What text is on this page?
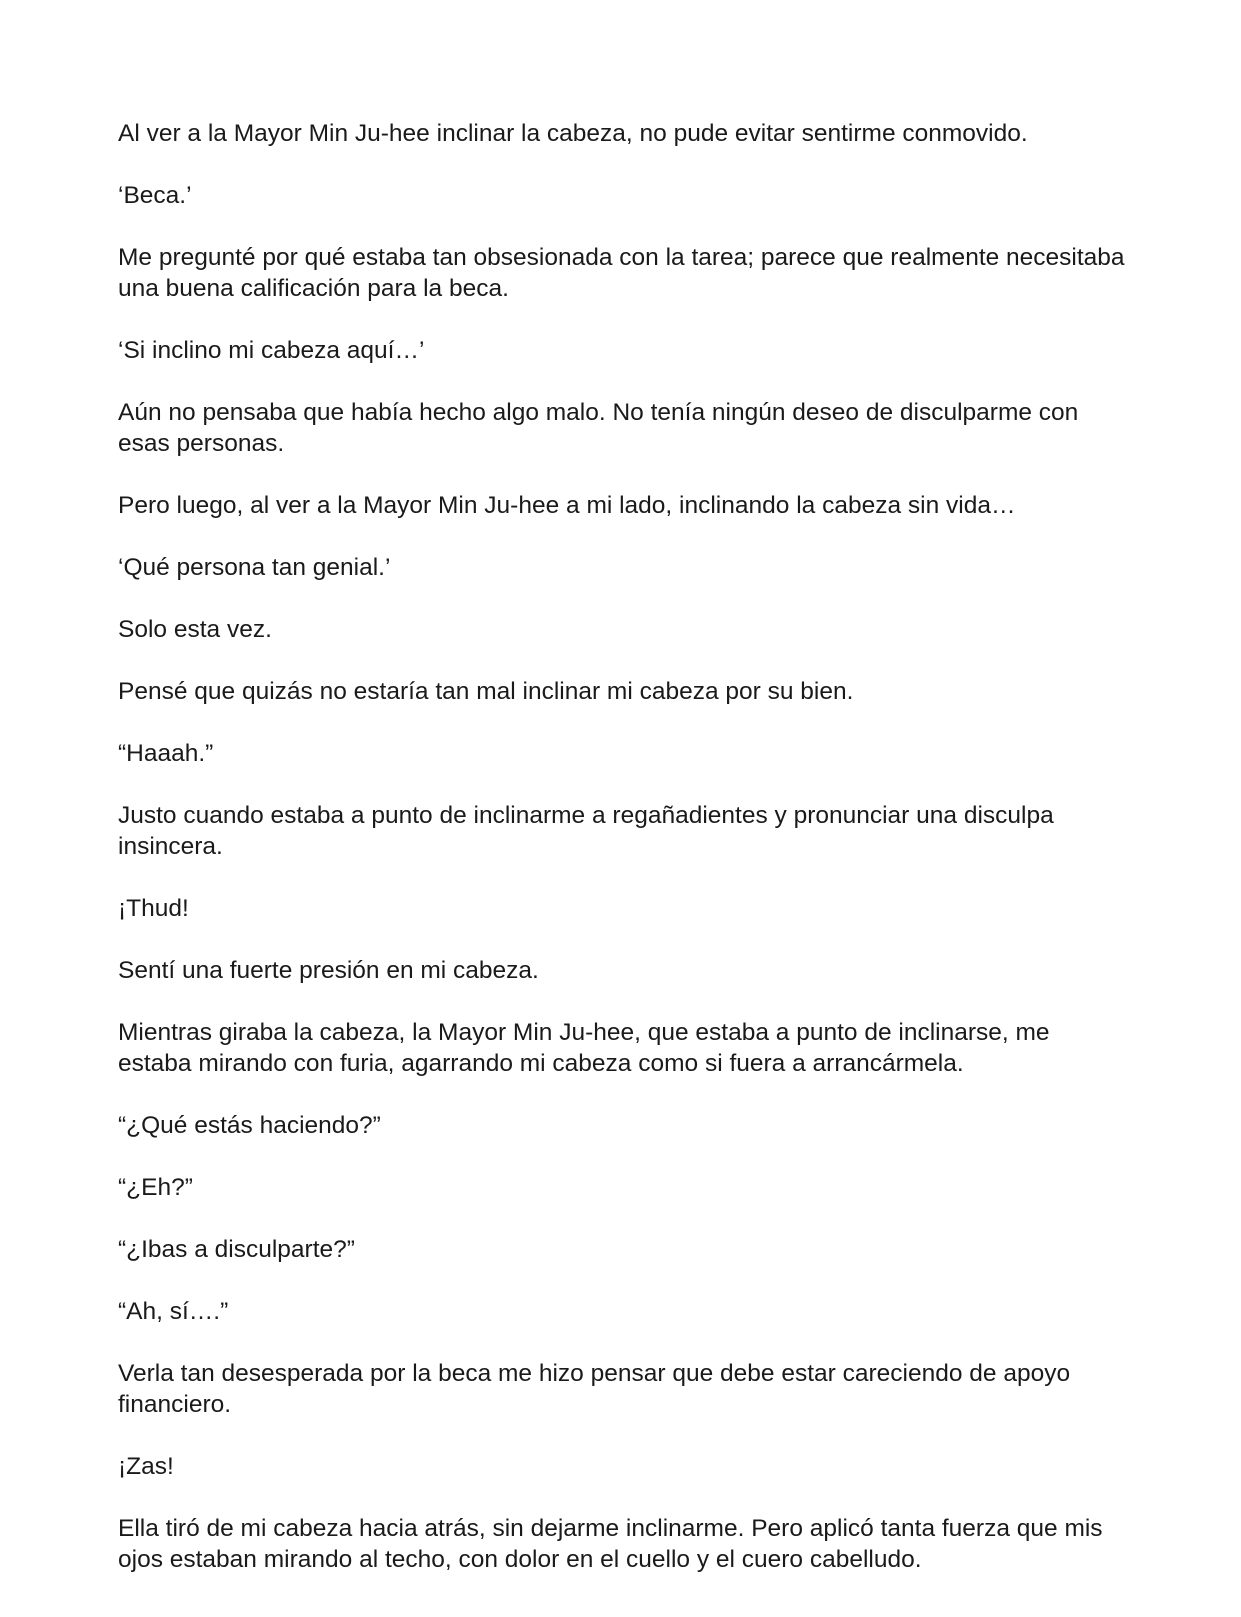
Al ver a la Mayor Min Ju-hee inclinar la cabeza, no pude evitar sentirme conmovido.

‘Beca.’

Me pregunté por qué estaba tan obsesionada con la tarea; parece que realmente necesitaba una buena calificación para la beca.

‘Si inclino mi cabeza aquí…’

Aún no pensaba que había hecho algo malo. No tenía ningún deseo de disculparme con esas personas.

Pero luego, al ver a la Mayor Min Ju-hee a mi lado, inclinando la cabeza sin vida…

‘Qué persona tan genial.’

Solo esta vez.

Pensé que quizás no estaría tan mal inclinar mi cabeza por su bien.

“Haaah.”

Justo cuando estaba a punto de inclinarme a regañadientes y pronunciar una disculpa insincera.

¡Thud!

Sentí una fuerte presión en mi cabeza.

Mientras giraba la cabeza, la Mayor Min Ju-hee, que estaba a punto de inclinarse, me estaba mirando con furia, agarrando mi cabeza como si fuera a arrancármela.

“¿Qué estás haciendo?”

“¿Eh?”

“¿Ibas a disculparte?”

“Ah, sí….”

Verla tan desesperada por la beca me hizo pensar que debe estar careciendo de apoyo financiero.

¡Zas!

Ella tiró de mi cabeza hacia atrás, sin dejarme inclinarme. Pero aplicó tanta fuerza que mis ojos estaban mirando al techo, con dolor en el cuello y el cuero cabelludo.
